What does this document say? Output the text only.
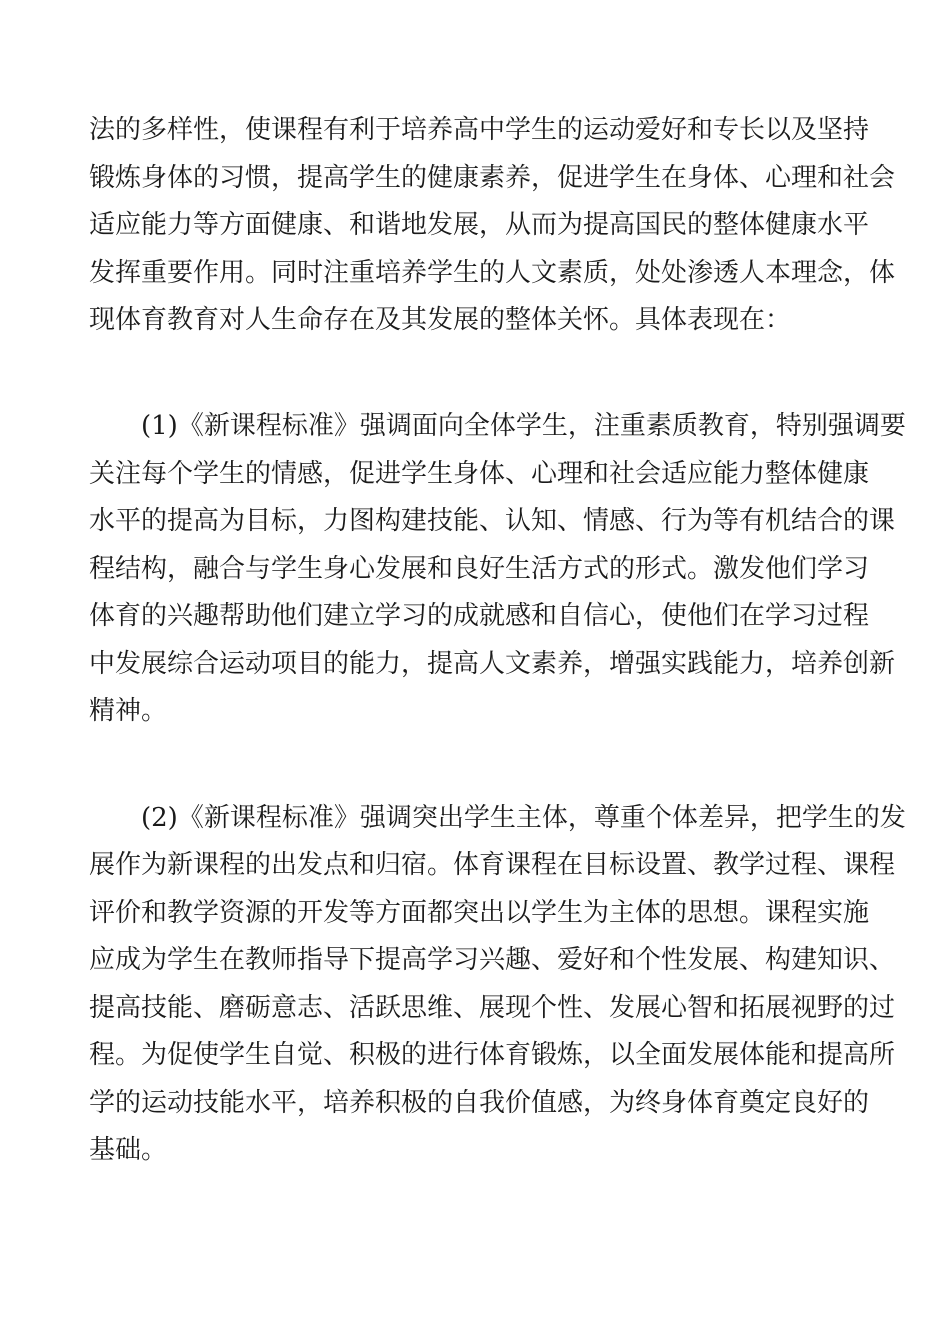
法的多样性，使课程有利于培养高中学生的运动爱好和专长以及坚持
锻炼身体的习惯，提高学生的健康素养，促进学生在身体、心理和社会
适应能力等方面健康、和谐地发展，从而为提高国民的整体健康水平
发挥重要作用。同时注重培养学生的人文素质，处处渗透人本理念，体
现体育教育对人生命存在及其发展的整体关怀。具体表现在：
(1)《新课程标准》强调面向全体学生，注重素质教育，特别强调要
关注每个学生的情感，促进学生身体、心理和社会适应能力整体健康
水平的提高为目标，力图构建技能、认知、情感、行为等有机结合的课
程结构，融合与学生身心发展和良好生活方式的形式。激发他们学习
体育的兴趣帮助他们建立学习的成就感和自信心，使他们在学习过程
中发展综合运动项目的能力，提高人文素养，增强实践能力，培养创新
精神。
(2)《新课程标准》强调突出学生主体，尊重个体差异，把学生的发
展作为新课程的出发点和归宿。体育课程在目标设置、教学过程、课程
评价和教学资源的开发等方面都突出以学生为主体的思想。课程实施
应成为学生在教师指导下提高学习兴趣、爱好和个性发展、构建知识、
提高技能、磨砺意志、活跃思维、展现个性、发展心智和拓展视野的过
程。为促使学生自觉、积极的进行体育锻炼，以全面发展体能和提高所
学的运动技能水平，培养积极的自我价值感，为终身体育奠定良好的
基础。
